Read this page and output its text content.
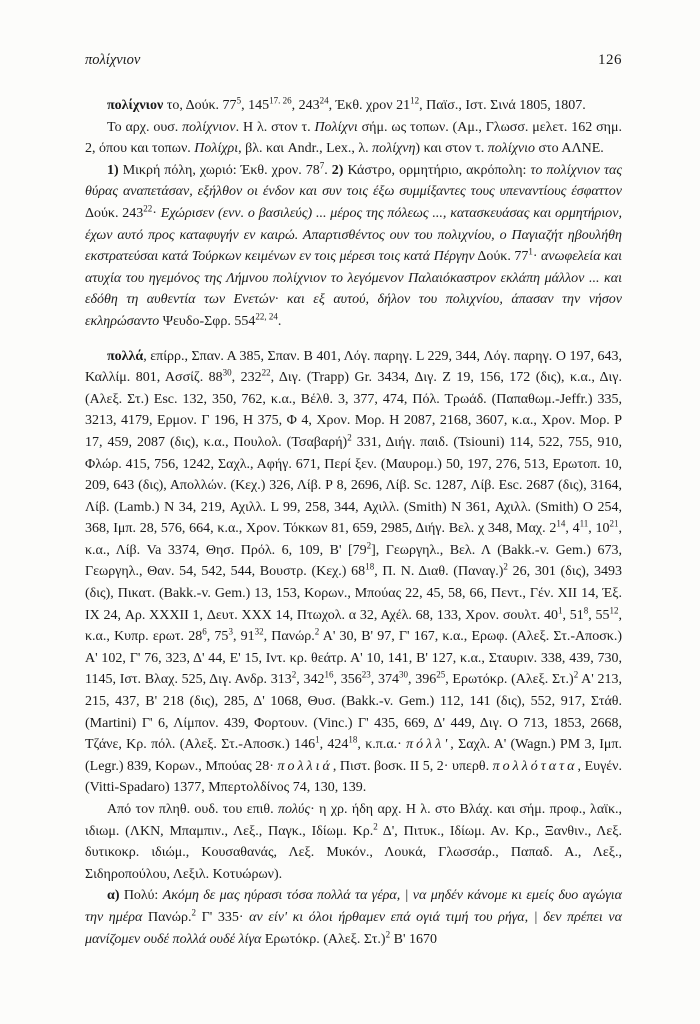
πολίχνιον	126

πολίχνιον το, Δούκ. $77^5$, $145^{17. 26}$, $243^{24}$, Έκθ. χρον $21^{12}$, Παϊσ., Ιστ. Σινά 1805, 1807.

Το αρχ. ουσ. πολίχνιον. Η λ. στον τ. Πολίχνι σήμ. ως τοπων. (Αμ., Γλωσσ. μελετ. 162 σημ. 2, όπου και τοπων. Πολίχρι, βλ. και Andr., Lex., λ. πολίχνη) και στον τ. πολίχνιο στο ΑΛΝΕ.

1) Μικρή πόλη, χωριό: Έκθ. χρον. $78^7$. 2) Κάστρο, ορμητήριο, ακρόπολη: το πολίχνιον τας θύρας αναπετάσαν, εξήλθον οι ένδον και συν τοις έξω συμμίξαντες τους υπεναντίους έσφαττον Δούκ. $243^{22}\cdot E\chi ώ\rho\iota\sigma\varepsilon\nu$ (ενν. ο βασιλεύς) ... μέρος της πόλεως ..., κατασκευάσας και ορμητήριον, έχων αυτό προς καταφυγήν εν καιρώ. Απαρτισθέντος ουν του πολιχνίου, ο Παγιαζήτ ηβουλήθη εκστρατεύσαι κατά Τούρκων κειμένων εν τοις μέρεσι τοις κατά Πέργην Δούκ. $77^1\cdot \alpha\nu\omega\varphi\varepsilon\lambda\varepsilon ί\alpha$ και ατυχία του ηγεμόνος της Λήμνου πολίχνιον το λεγόμενον Παλαιόκαστρον εκλάπη μάλλον ... και εδόθη τη αυθεντία των Ενετών· και εξ αυτού, δήλον του πολιχνίου, άπασαν την νήσον εκληρώσαντο Ψευδο-Σφρ. 554$^{22, 24}$.

πολλά, επίρρ., Σπαν. Α 385, Σπαν. Β 401, Λόγ. παρηγ. L 229, 344, Λόγ. παρηγ. Ο 197, 643, Καλλίμ. 801, Ασσίζ. $88^{30}$, $232^{22}$, Διγ. (Trapp) Gr. 3434, Διγ. Ζ 19, 156, 172 (δις), κ.α., Διγ. (Αλεξ. Στ.) Esc. 132, 350, 762, κ.α., Βέλθ. 3, 377, 474, Πόλ. Τρωάδ. (Παπαθωμ.-Jeffr.) 335, 3213, 4179, Ερμον. Γ 196, Η 375, Φ 4, Χρον. Μορ. Η 2087, 2168, 3607, κ.α., Χρον. Μορ. Ρ 17, 459, 2087 (δις), κ.α., Πουλολ. $(T\sigma\alpha\beta\alpha\rho ή)^2$ 331, Διήγ. παιδ. (Tsiouni) 114, 522, 755, 910, Φλώρ. 415, 756, 1242, Σαχλ., Αφήγ. 671, Περί ξεν. (Μαυρομ.) 50, 197, 276, 513, Ερωτοπ. 10, 209, 643 (δις), Απολλών. (Κεχ.) 326, Λίβ. Ρ 8, 2696, Λίβ. Sc. 1287, Λίβ. Esc. 2687 (δις), 3164, Λίβ. (Lamb.) N 34, 219, Αχιλλ. L 99, 258, 344, Αχιλλ. (Smith) N 361, Αχιλλ. (Smith) O 254, 368, Ιμπ. 28, 576, 664, κ.α., Χρον. Τόκκων 81, 659, 2985, Διήγ. Βελ. χ 348, Μαχ. $2^{14}$, $4^{11}$, $10^{21}$, κ.α., Λίβ. Va 3374, Θησ. Πρόλ. 6, 109, Β' $[79^2]$, Γεωργηλ., Βελ. Λ (Bakk.-v. Gem.) 673, Γεωργηλ., Θαν. 54, 542, 544, Βουστρ. (Κεχ.) $68^{18}$, Π. Ν. Διαθ. $(\Pi\alpha\nu\alpha\gamma.)^2$ 26, 301 (δις), 3493 (δις), Πικατ. (Bakk.-v. Gem.) 13, 153, Κορων., Μπούας 22, 45, 58, 66, Πεντ., Γέν. XII 14, Έξ. IX 24, Αρ. XXXII 1, Δευτ. XXX 14, Πτωχολ. α 32, Αχέλ. 68, 133, Χρον. σουλτ. $40^1$, $51^8$, $55^{12}$, κ.α., Κυπρ. ερωτ. $28^6$, $75^3$, $91^{32}$, Πανώρ.$^2$ Α' 30, Β' 97, Γ' 167, κ.α., Ερωφ. (Αλεξ. Στ.-Αποσκ.) Α' 102, Γ' 76, 323, Δ' 44, Ε' 15, Ιντ. κρ. θεάτρ. Α' 10, 141, Β' 127, κ.α., Σταυριν. 338, 439, 730, 1145, Ιστ. Βλαχ. 525, Διγ. Ανδρ. $313^2$, $342^{16}$, $356^{23}$, $374^{30}$, $396^{25}$, Ερωτόκρ. (Αλεξ. Στ.)$^2$ Α' 213, 215, 437, Β' 218 (δις), 285, Δ' 1068, Θυσ. (Bakk.-v. Gem.) 112, 141 (δις), 552, 917, Στάθ. (Martini) Γ' 6, Λίμπον. 439, Φορτουν. (Vinc.) Γ' 435, 669, Δ' 449, Διγ. Ο 713, 1853, 2668, Τζάνε, Κρ. πόλ. (Αλεξ. Στ.-Αποσκ.) $146^1$, $424^{18}$, κ.π.α.· πόλλ', Σαχλ. Α' (Wagn.) PM 3, Ιμπ. (Legr.) 839, Κορων., Μπούας 28· πολλιά, Πιστ. βοσκ. II 5, 2· υπερθ. πολλότατα, Ευγέν. (Vitti-Spadaro) 1377, Μπερτολδίνος 74, 130, 139.

Από τον πληθ. ουδ. του επιθ. πολύς· η χρ. ήδη αρχ. Η λ. στο Βλάχ. και σήμ. προφ., λαϊκ., ιδιωμ. (ΛΚΝ, Μπαμπιν., Λεξ., Παγκ., Ιδίωμ. Κρ.$^2$ Δ', Πιτυκ., Ιδίωμ. Αν. Κρ., Ξανθιν., Λεξ. δυτικοκρ. ιδιώμ., Κουσαθανάς, Λεξ. Μυκόν., Λουκά, Γλωσσάρ., Παπαδ. Α., Λεξ., Σιδηροπούλου, Λεξιλ. Κοτυώρων).

α) Πολύ: Ακόμη δε μας ηύρασι τόσα πολλά τα γέρα, | να μηδέν κάνομε κι εμείς δυο αγώγια την ημέρα Πανώρ.$^2$ Γ' 335· αν είν' κι όλοι ήρθαμεν επά ογιά τιμή του ρήγα, | δεν πρέπει να μανίζομεν ουδέ πολλά ουδέ λίγα Ερωτόκρ. (Αλεξ. Στ.)$^2$ Β' 1670
